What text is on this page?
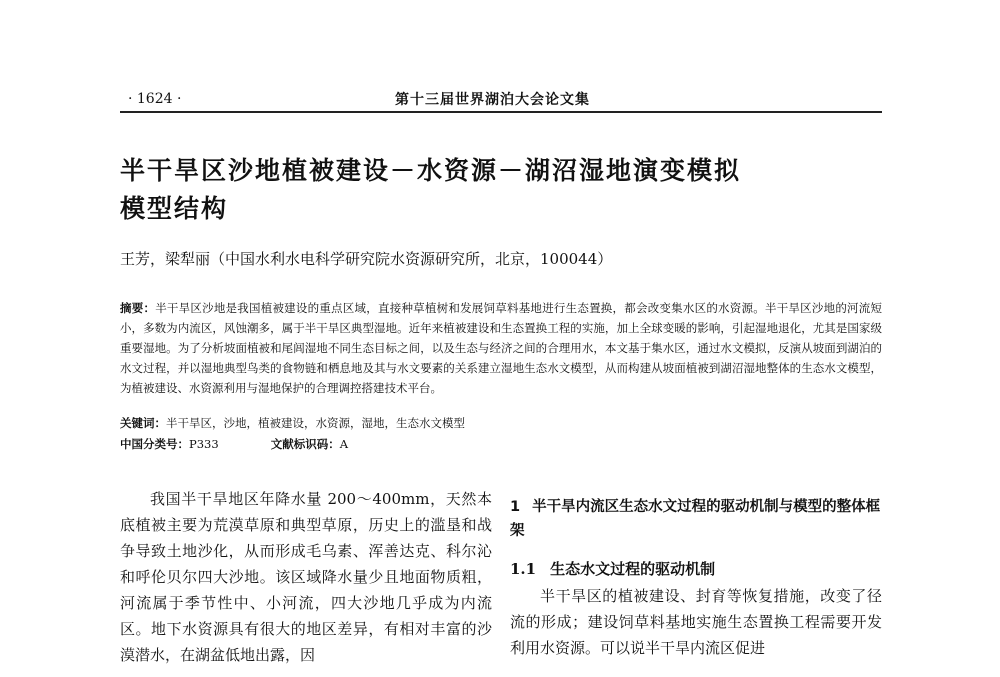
· 1624 ·	第十三届世界湖泊大会论文集
半干旱区沙地植被建设－水资源－湖沼湿地演变模拟
模型结构
王芳，梁犁丽（中国水利水电科学研究院水资源研究所，北京，100044）
摘要：半干旱区沙地是我国植被建设的重点区域，直接种草植树和发展饲草料基地进行生态置换，都会改变集水区的水资源。半干旱区沙地的河流短小，多数为内流区，风蚀潮多，属于半干旱区典型湿地。近年来植被建设和生态置换工程的实施，加上全球变暖的影响，引起湿地退化，尤其是国家级重要湿地。为了分析坡面植被和尾闾湿地不同生态目标之间，以及生态与经济之间的合理用水，本文基于集水区，通过水文模拟，反演从坡面到湖泊的水文过程，并以湿地典型鸟类的食物链和栖息地及其与水文要素的关系建立湿地生态水文模型，从而构建从坡面植被到湖沼湿地整体的生态水文模型，为植被建设、水资源利用与湿地保护的合理调控搭建技术平台。
关键词：半干旱区，沙地，植被建设，水资源，湿地，生态水文模型
中国分类号：P333	文献标识码：A

我国半干旱地区年降水量 200～400mm，天然本底植被主要为荒漠草原和典型草原，历史上的滥垦和战争导致土地沙化，从而形成毛乌素、浑善达克、科尔沁和呼伦贝尔四大沙地。该区域降水量少且地面物质粗，河流属于季节性中、小河流，四大沙地几乎成为内流区。地下水资源具有很大的地区差异，有相对丰富的沙漠潜水，在湖盆低地出露，因

1 半干旱内流区生态水文过程的驱动机制与模型的整体框架
1.1 生态水文过程的驱动机制

半干旱区的植被建设、封育等恢复措施，改变了径流的形成；建设饲草料基地实施生态置换工程需要开发利用水资源。可以说半干旱内流区促进
